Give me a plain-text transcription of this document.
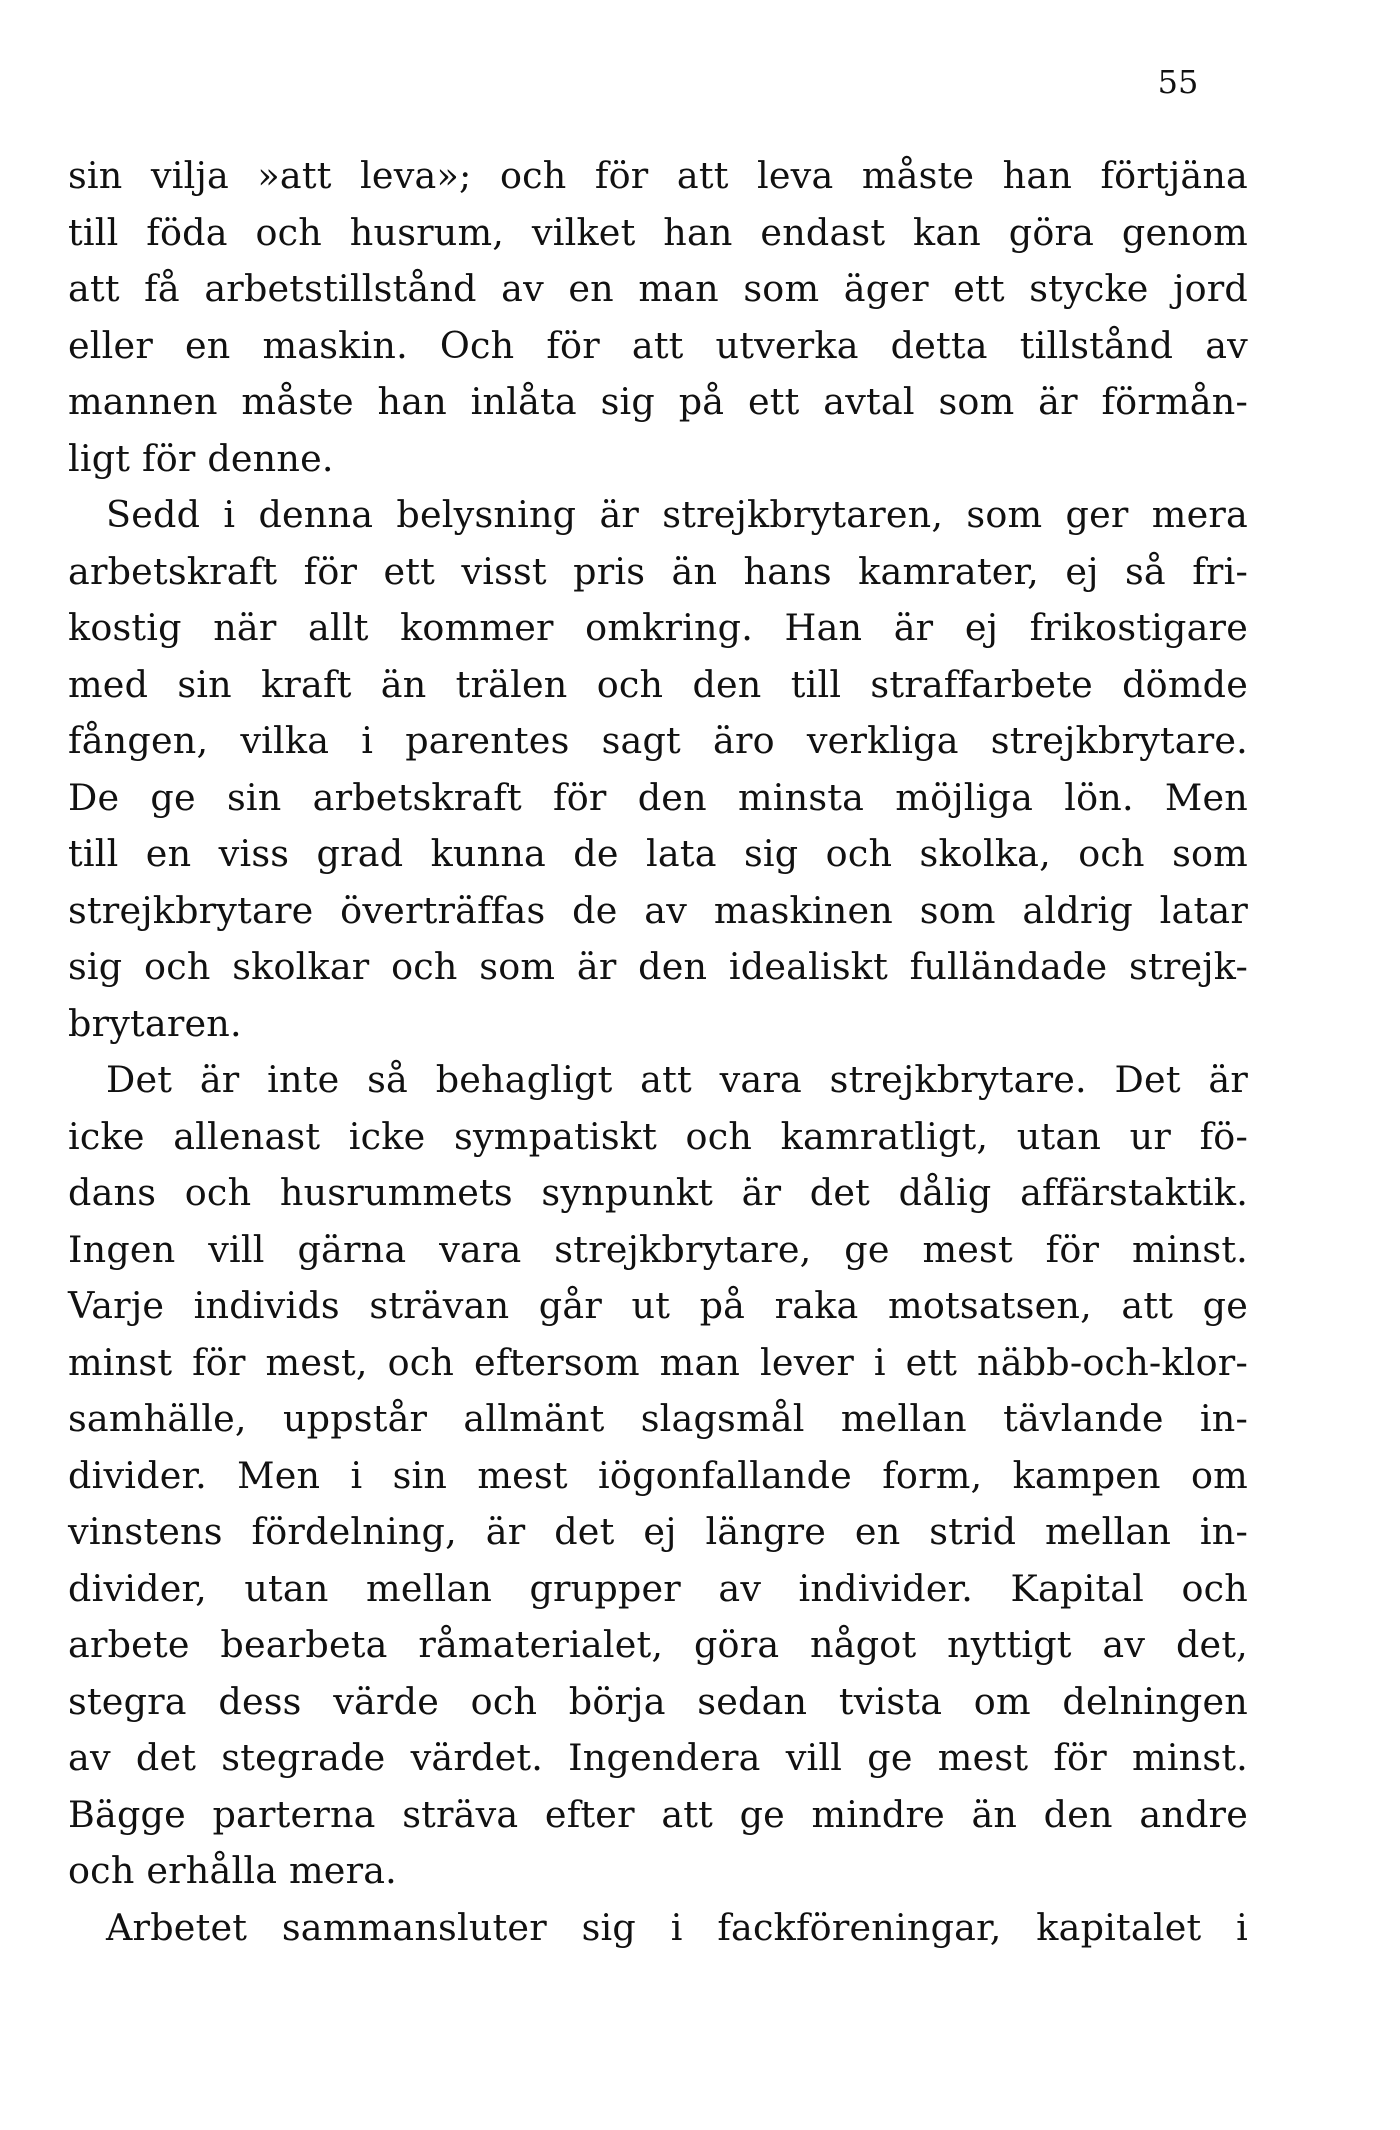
55
sin vilja »att leva»; och för att leva måste han förtjäna
till föda och husrum, vilket han endast kan göra genom
att få arbetstillstånd av en man som äger ett stycke jord
eller en maskin. Och för att utverka detta tillstånd av
mannen måste han inlåta sig på ett avtal som är förmån-
ligt för denne.
Sedd i denna belysning är strejkbrytaren, som ger mera
arbetskraft för ett visst pris än hans kamrater, ej så fri-
kostig när allt kommer omkring. Han är ej frikostigare
med sin kraft än trälen och den till straffarbete dömde
fången, vilka i parentes sagt äro verkliga strejkbrytare.
De ge sin arbetskraft för den minsta möjliga lön. Men
till en viss grad kunna de lata sig och skolka, och som
strejkbrytare överträffas de av maskinen som aldrig latar
sig och skolkar och som är den idealiskt fulländade strejk-
brytaren.
Det är inte så behagligt att vara strejkbrytare. Det är
icke allenast icke sympatiskt och kamratligt, utan ur fö-
dans och husrummets synpunkt är det dålig affärstaktik.
Ingen vill gärna vara strejkbrytare, ge mest för minst.
Varje individs strävan går ut på raka motsatsen, att ge
minst för mest, och eftersom man lever i ett näbb-och-klor-
samhälle, uppstår allmänt slagsmål mellan tävlande in-
divider. Men i sin mest iögonfallande form, kampen om
vinstens fördelning, är det ej längre en strid mellan in-
divider, utan mellan grupper av individer. Kapital och
arbete bearbeta råmaterialet, göra något nyttigt av det,
stegra dess värde och börja sedan tvista om delningen
av det stegrade värdet. Ingendera vill ge mest för minst.
Bägge parterna sträva efter att ge mindre än den andre
och erhålla mera.
Arbetet sammansluter sig i fackföreningar, kapitalet i
